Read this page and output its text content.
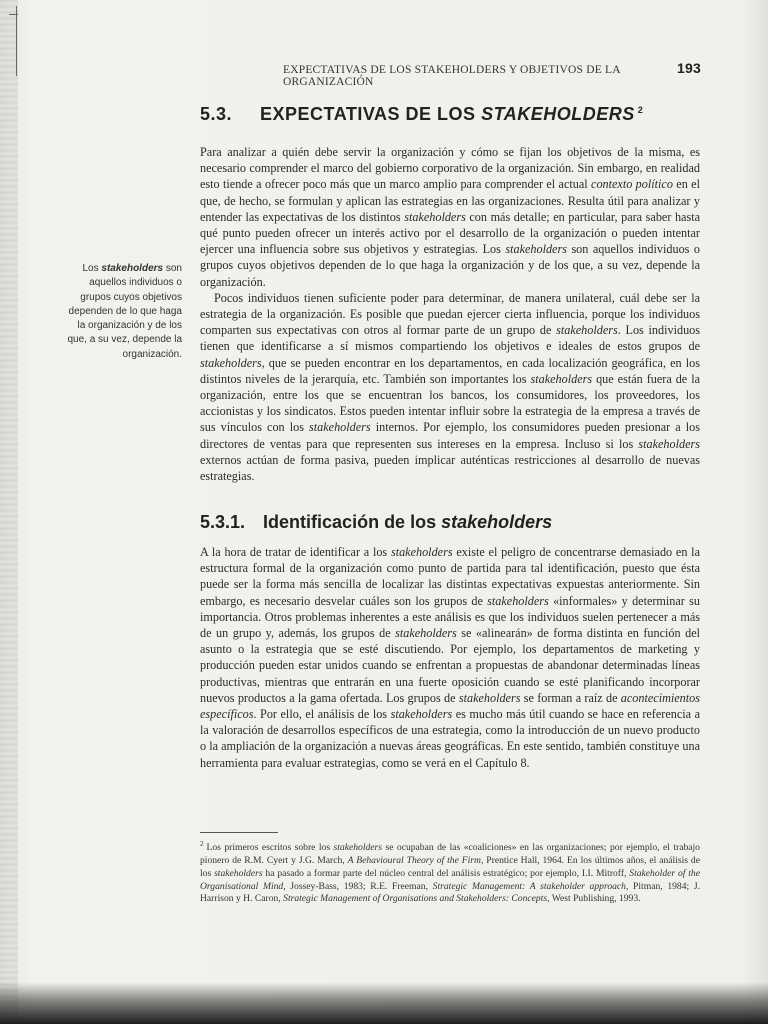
EXPECTATIVAS DE LOS STAKEHOLDERS Y OBJETIVOS DE LA ORGANIZACIÓN
193
5.3. EXPECTATIVAS DE LOS STAKEHOLDERS $^2$

Para analizar a quién debe servir la organización y cómo se fijan los objetivos de la misma, es necesario comprender el marco del gobierno corporativo de la organización. Sin embargo, en realidad esto tiende a ofrecer poco más que un marco amplio para comprender el actual contexto político en el que, de hecho, se formulan y aplican las estrategias en las organizaciones. Resulta útil para analizar y entender las expectativas de los distintos stakeholders con más detalle; en particular, para saber hasta qué punto pueden ofrecer un interés activo por el desarrollo de la organización o pueden intentar ejercer una influencia sobre sus objetivos y estrategias. Los stakeholders son aquellos individuos o grupos cuyos objetivos dependen de lo que haga la organización y de los que, a su vez, depende la organización.

Pocos individuos tienen suficiente poder para determinar, de manera unilateral, cuál debe ser la estrategia de la organización. Es posible que puedan ejercer cierta influencia, porque los individuos comparten sus expectativas con otros al formar parte de un grupo de stakeholders. Los individuos tienen que identificarse a sí mismos compartiendo los objetivos e ideales de estos grupos de stakeholders, que se pueden encontrar en los departamentos, en cada localización geográfica, en los distintos niveles de la jerarquía, etc. También son importantes los stakeholders que están fuera de la organización, entre los que se encuentran los bancos, los consumidores, los proveedores, los accionistas y los sindicatos. Estos pueden intentar influir sobre la estrategia de la empresa a través de sus vínculos con los stakeholders internos. Por ejemplo, los consumidores pueden presionar a los directores de ventas para que representen sus intereses en la empresa. Incluso si los stakeholders externos actúan de forma pasiva, pueden implicar auténticas restricciones al desarrollo de nuevas estrategias.

Los stakeholders son aquellos individuos o grupos cuyos objetivos dependen de lo que haga la organización y de los que, a su vez, depende la organización.
5.3.1. Identificación de los stakeholders

A la hora de tratar de identificar a los stakeholders existe el peligro de concentrarse demasiado en la estructura formal de la organización como punto de partida para tal identificación, puesto que ésta puede ser la forma más sencilla de localizar las distintas expectativas expuestas anteriormente. Sin embargo, es necesario desvelar cuáles son los grupos de stakeholders «informales» y determinar su importancia. Otros problemas inherentes a este análisis es que los individuos suelen pertenecer a más de un grupo y, además, los grupos de stakeholders se «alinearán» de forma distinta en función del asunto o la estrategia que se esté discutiendo. Por ejemplo, los departamentos de marketing y producción pueden estar unidos cuando se enfrentan a propuestas de abandonar determinadas líneas productivas, mientras que entrarán en una fuerte oposición cuando se esté planificando incorporar nuevos productos a la gama ofertada. Los grupos de stakeholders se forman a raíz de acontecimientos específicos. Por ello, el análisis de los stakeholders es mucho más útil cuando se hace en referencia a la valoración de desarrollos específicos de una estrategia, como la introducción de un nuevo producto o la ampliación de la organización a nuevas áreas geográficas. En este sentido, también constituye una herramienta para evaluar estrategias, como se verá en el Capítulo 8.

$^2$ Los primeros escritos sobre los stakeholders se ocupaban de las «coaliciones» en las organizaciones; por ejemplo, el trabajo pionero de R.M. Cyert y J.G. March, A Behavioural Theory of the Firm, Prentice Hall, 1964. En los últimos años, el análisis de los stakeholders ha pasado a formar parte del núcleo central del análisis estratégico; por ejemplo, I.I. Mitroff, Stakeholder of the Organisational Mind, Jossey-Bass, 1983; R.E. Freeman, Strategic Management: A stakeholder approach, Pitman, 1984; J. Harrison y H. Caron, Strategic Management of Organisations and Stakeholders: Concepts, West Publishing, 1993.
